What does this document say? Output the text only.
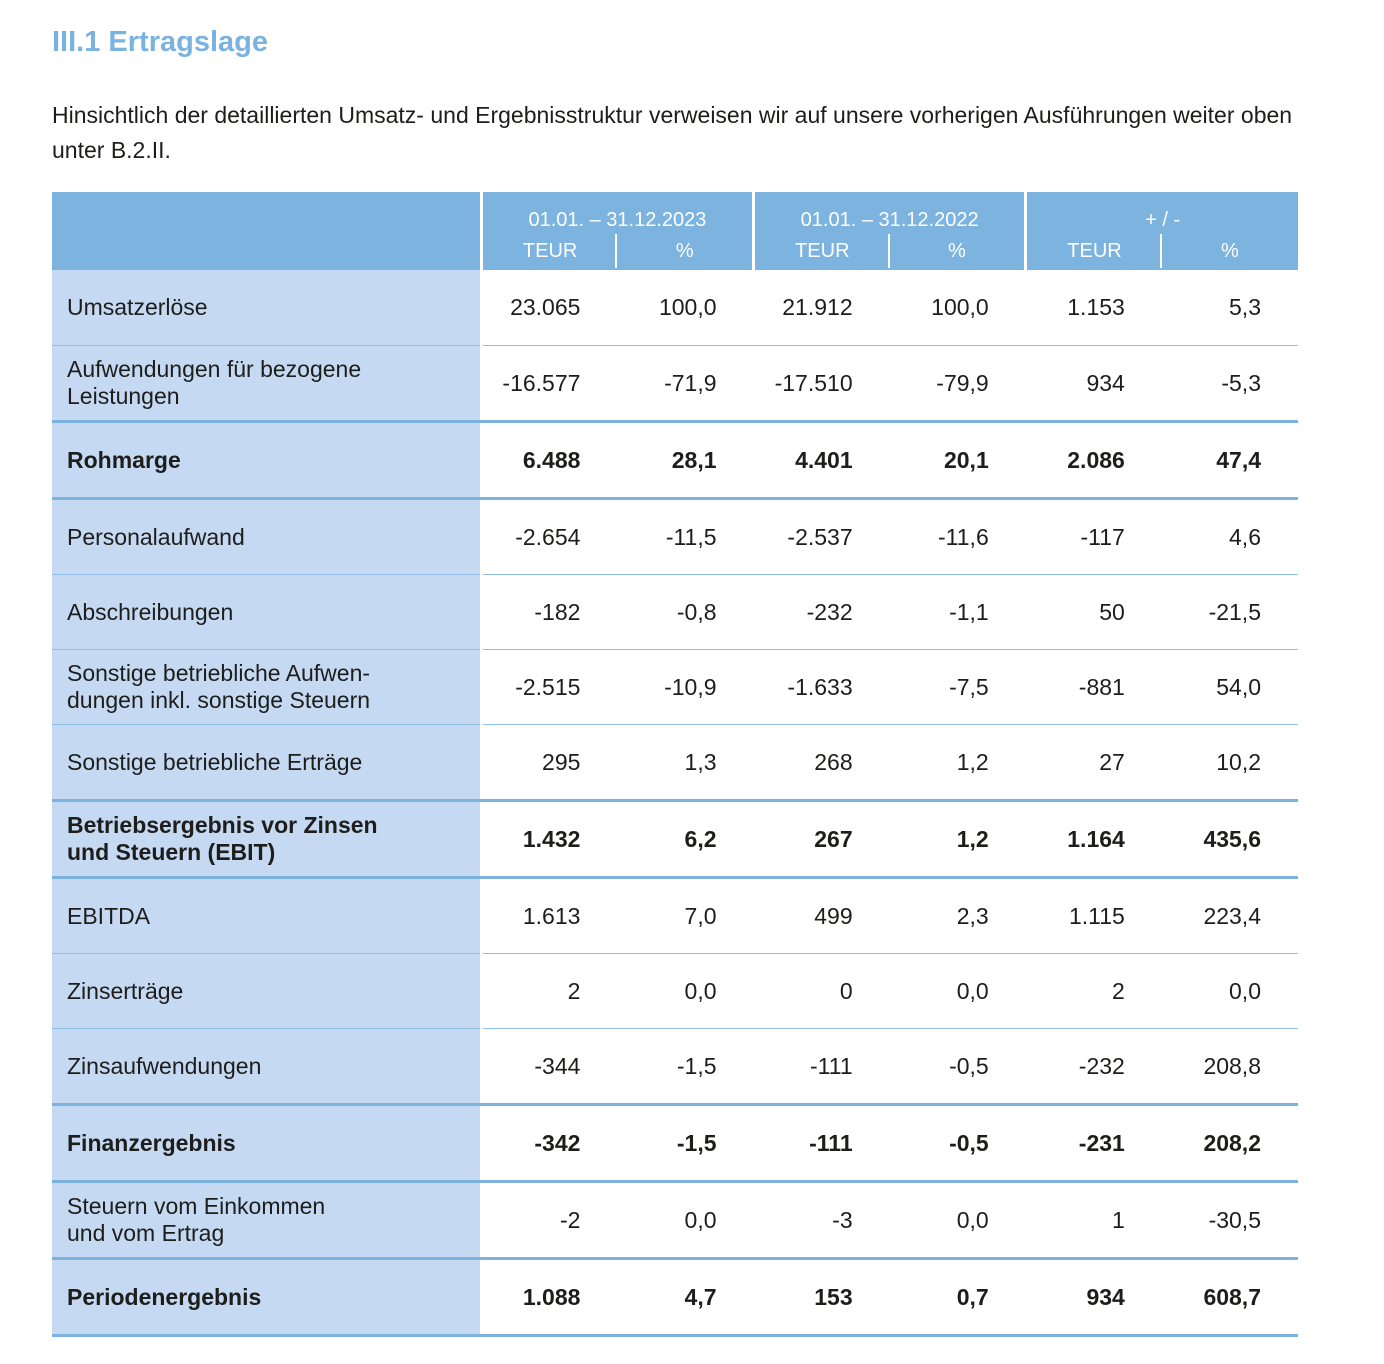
III.1 Ertragslage

Hinsichtlich der detaillierten Umsatz- und Ergebnisstruktur verweisen wir auf unsere vorherigen Ausführungen weiter oben unter B.2.II.

	01.01. – 31.12.2023		01.01. – 31.12.2022		+ / -	
	TEUR	%	TEUR	%	TEUR	%
Umsatzerlöse	23.065	100,0	21.912	100,0	1.153	5,3
Aufwendungen für bezogene
Leistungen	-16.577	-71,9	-17.510	-79,9	934	-5,3
Rohmarge	6.488	28,1	4.401	20,1	2.086	47,4
Personalaufwand	-2.654	-11,5	-2.537	-11,6	-117	4,6
Abschreibungen	-182	-0,8	-232	-1,1	50	-21,5
Sonstige betriebliche Aufwen-
dungen inkl. sonstige Steuern	-2.515	-10,9	-1.633	-7,5	-881	54,0
Sonstige betriebliche Erträge	295	1,3	268	1,2	27	10,2
Betriebsergebnis vor Zinsen
und Steuern (EBIT)	1.432	6,2	267	1,2	1.164	435,6
EBITDA	1.613	7,0	499	2,3	1.115	223,4
Zinserträge	2	0,0	0	0,0	2	0,0
Zinsaufwendungen	-344	-1,5	-111	-0,5	-232	208,8
Finanzergebnis	-342	-1,5	-111	-0,5	-231	208,2
Steuern vom Einkommen
und vom Ertrag	-2	0,0	-3	0,0	1	-30,5
Periodenergebnis	1.088	4,7	153	0,7	934	608,7
